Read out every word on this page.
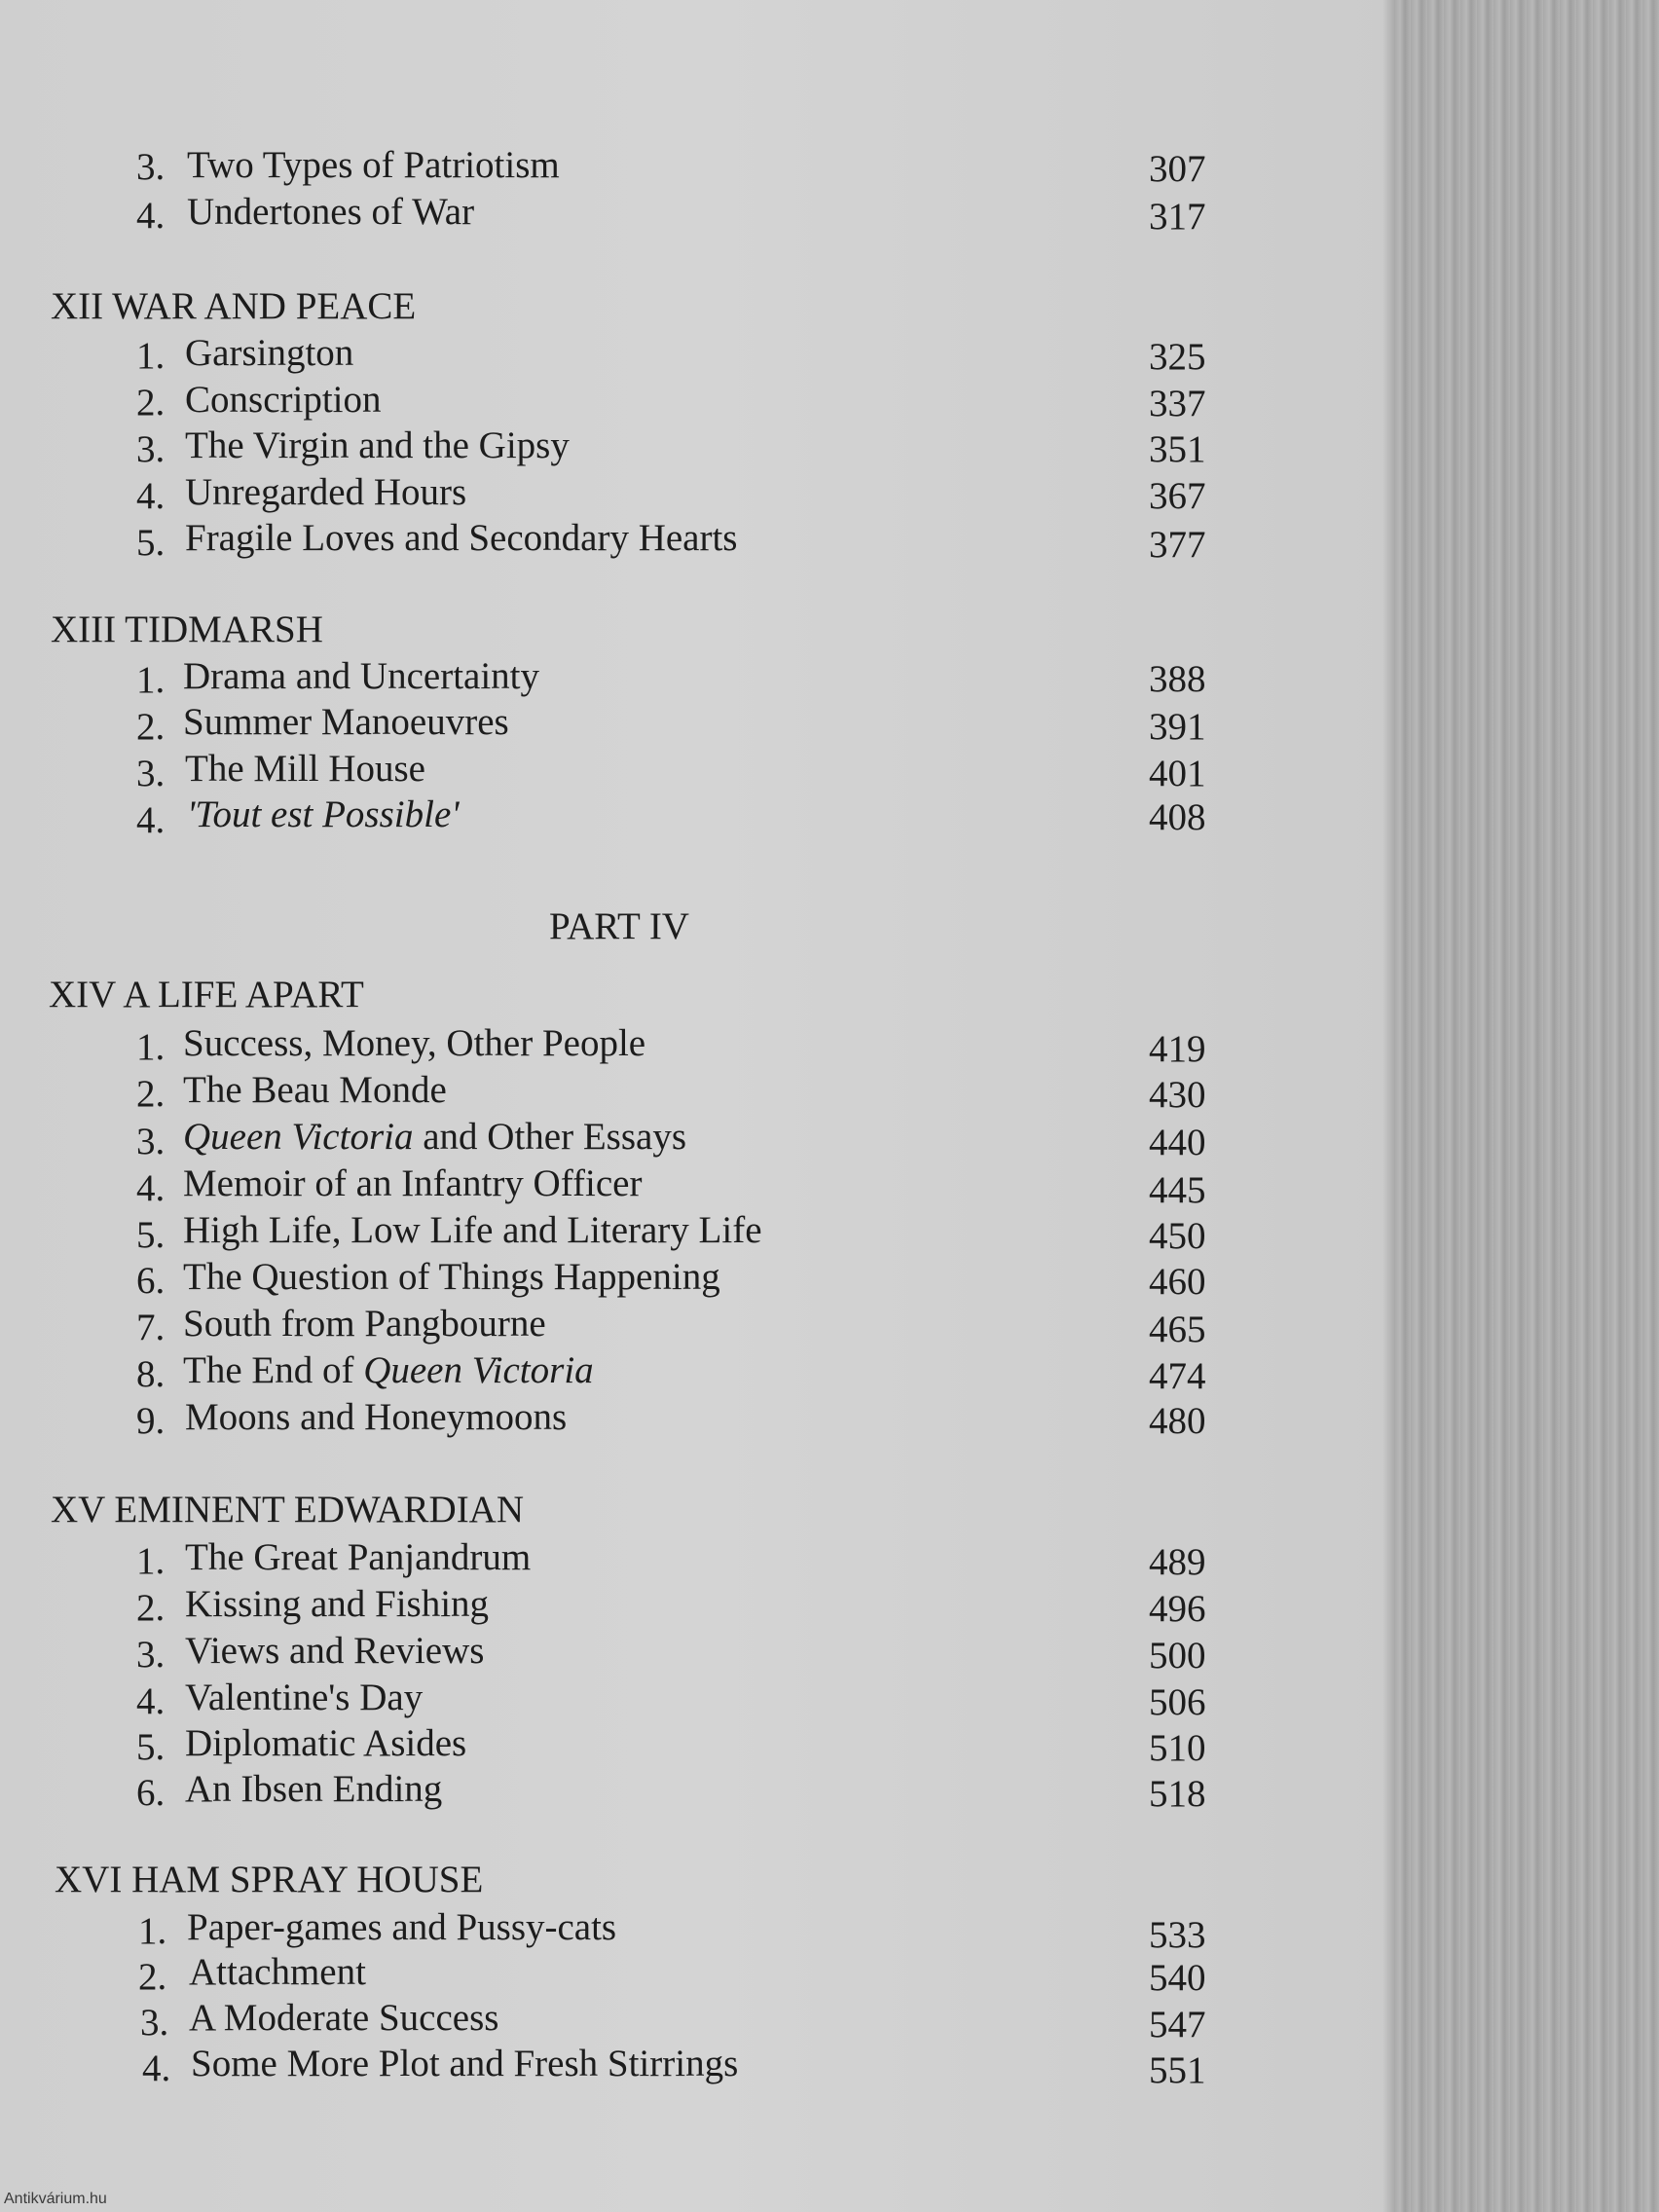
3. Two Types of Patriotism	307
4. Undertones of War	317
XII WAR AND PEACE
1. Garsington	325
2. Conscription	337
3. The Virgin and the Gipsy	351
4. Unregarded Hours	367
5. Fragile Loves and Secondary Hearts	377
XIII TIDMARSH
1. Drama and Uncertainty	388
2. Summer Manoeuvres	391
3. The Mill House	401
4. 'Tout est Possible'	408
PART IV
XIV A LIFE APART
1. Success, Money, Other People	419
2. The Beau Monde	430
3. Queen Victoria and Other Essays	440
4. Memoir of an Infantry Officer	445
5. High Life, Low Life and Literary Life	450
6. The Question of Things Happening	460
7. South from Pangbourne	465
8. The End of Queen Victoria	474
9. Moons and Honeymoons	480
XV EMINENT EDWARDIAN
1. The Great Panjandrum	489
2. Kissing and Fishing	496
3. Views and Reviews	500
4. Valentine's Day	506
5. Diplomatic Asides	510
6. An Ibsen Ending	518
XVI HAM SPRAY HOUSE
1. Paper-games and Pussy-cats	533
2. Attachment	540
3. A Moderate Success	547
4. Some More Plot and Fresh Stirrings	551
Antikvárium.hu
